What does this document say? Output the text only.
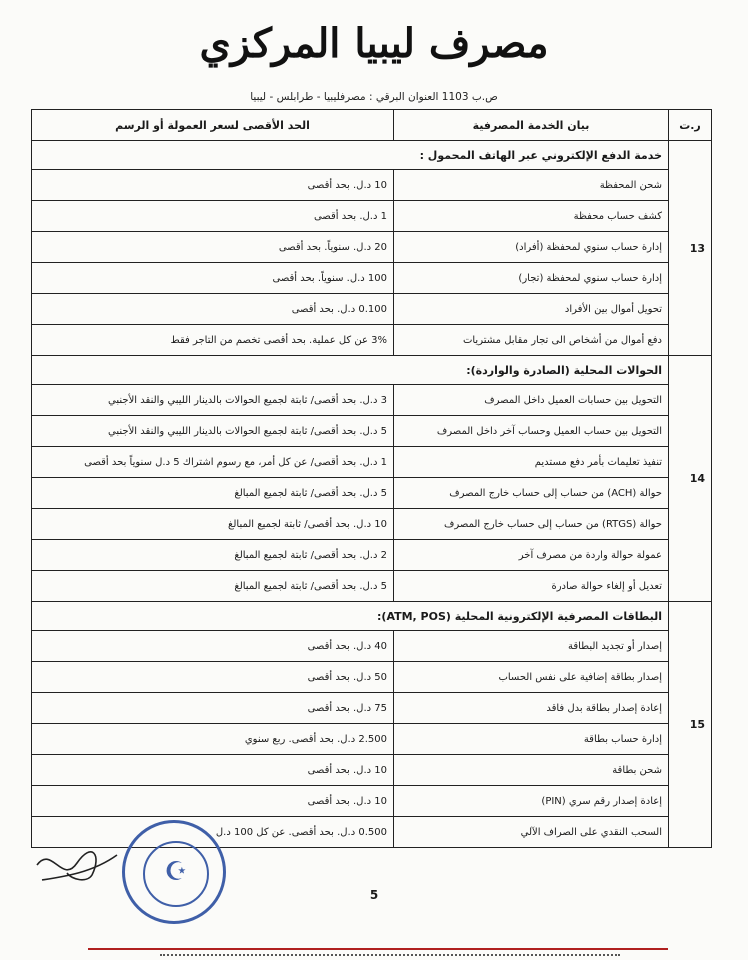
مصرف ليبيا المركزي
ص.ب 1103 العنوان البرقي : مصرفليبيا - طرابلس - ليبيا
ر.ت	بيان الخدمة المصرفية	الحد الأقصى لسعر العمولة أو الرسم
13	خدمة الدفع الإلكتروني عبر الهاتف المحمول :	
	شحن المحفظة	10 د.ل. بحد أقصى
	كشف حساب محفظة	1 د.ل. بحد أقصى
	إدارة حساب سنوي لمحفظة (أفراد)	20 د.ل. سنوياً. بحد أقصى
	إدارة حساب سنوي لمحفظة (تجار)	100 د.ل. سنوياً. بحد أقصى
	تحويل أموال بين الأفراد	0.100 د.ل. بحد أقصى
	دفع أموال من أشخاص الى تجار مقابل مشتريات	3% عن كل عملية. بحد أقصى تخصم من التاجر فقط
14	الحوالات المحلية (الصادرة والواردة):	
	التحويل بين حسابات العميل داخل المصرف	3 د.ل. بحد أقصى/ ثابتة لجميع الحوالات بالدينار الليبي والنقد الأجنبي
	التحويل بين حساب العميل وحساب آخر داخل المصرف	5 د.ل. بحد أقصى/ ثابتة لجميع الحوالات بالدينار الليبي والنقد الأجنبي
	تنفيذ تعليمات بأمر دفع مستديم	1 د.ل. بحد أقصى/ عن كل أمر، مع رسوم اشتراك 5 د.ل سنوياً بحد أقصى
	حوالة (ACH) من حساب إلى حساب خارج المصرف	5 د.ل. بحد أقصى/ ثابتة لجميع المبالغ
	حوالة (RTGS) من حساب إلى حساب خارج المصرف	10 د.ل. بحد أقصى/ ثابتة لجميع المبالغ
	عمولة حوالة واردة من مصرف آخر	2 د.ل. بحد أقصى/ ثابتة لجميع المبالغ
	تعديل أو إلغاء حوالة صادرة	5 د.ل. بحد أقصى/ ثابتة لجميع المبالغ
15	البطاقات المصرفية الإلكترونية المحلية (ATM, POS):	
	إصدار أو تجديد البطاقة	40 د.ل. بحد أقصى
	إصدار بطاقة إضافية على نفس الحساب	50 د.ل. بحد أقصى
	إعادة إصدار بطاقة بدل فاقد	75 د.ل. بحد أقصى
	إدارة حساب بطاقة	2.500 د.ل. بحد أقصى. ربع سنوي
	شحن بطاقة	10 د.ل. بحد أقصى
	إعادة إصدار رقم سري (PIN)	10 د.ل. بحد أقصى
	السحب النقدي على الصراف الآلي	0.500 د.ل. بحد أقصى. عن كل 100 د.ل
☪
5
